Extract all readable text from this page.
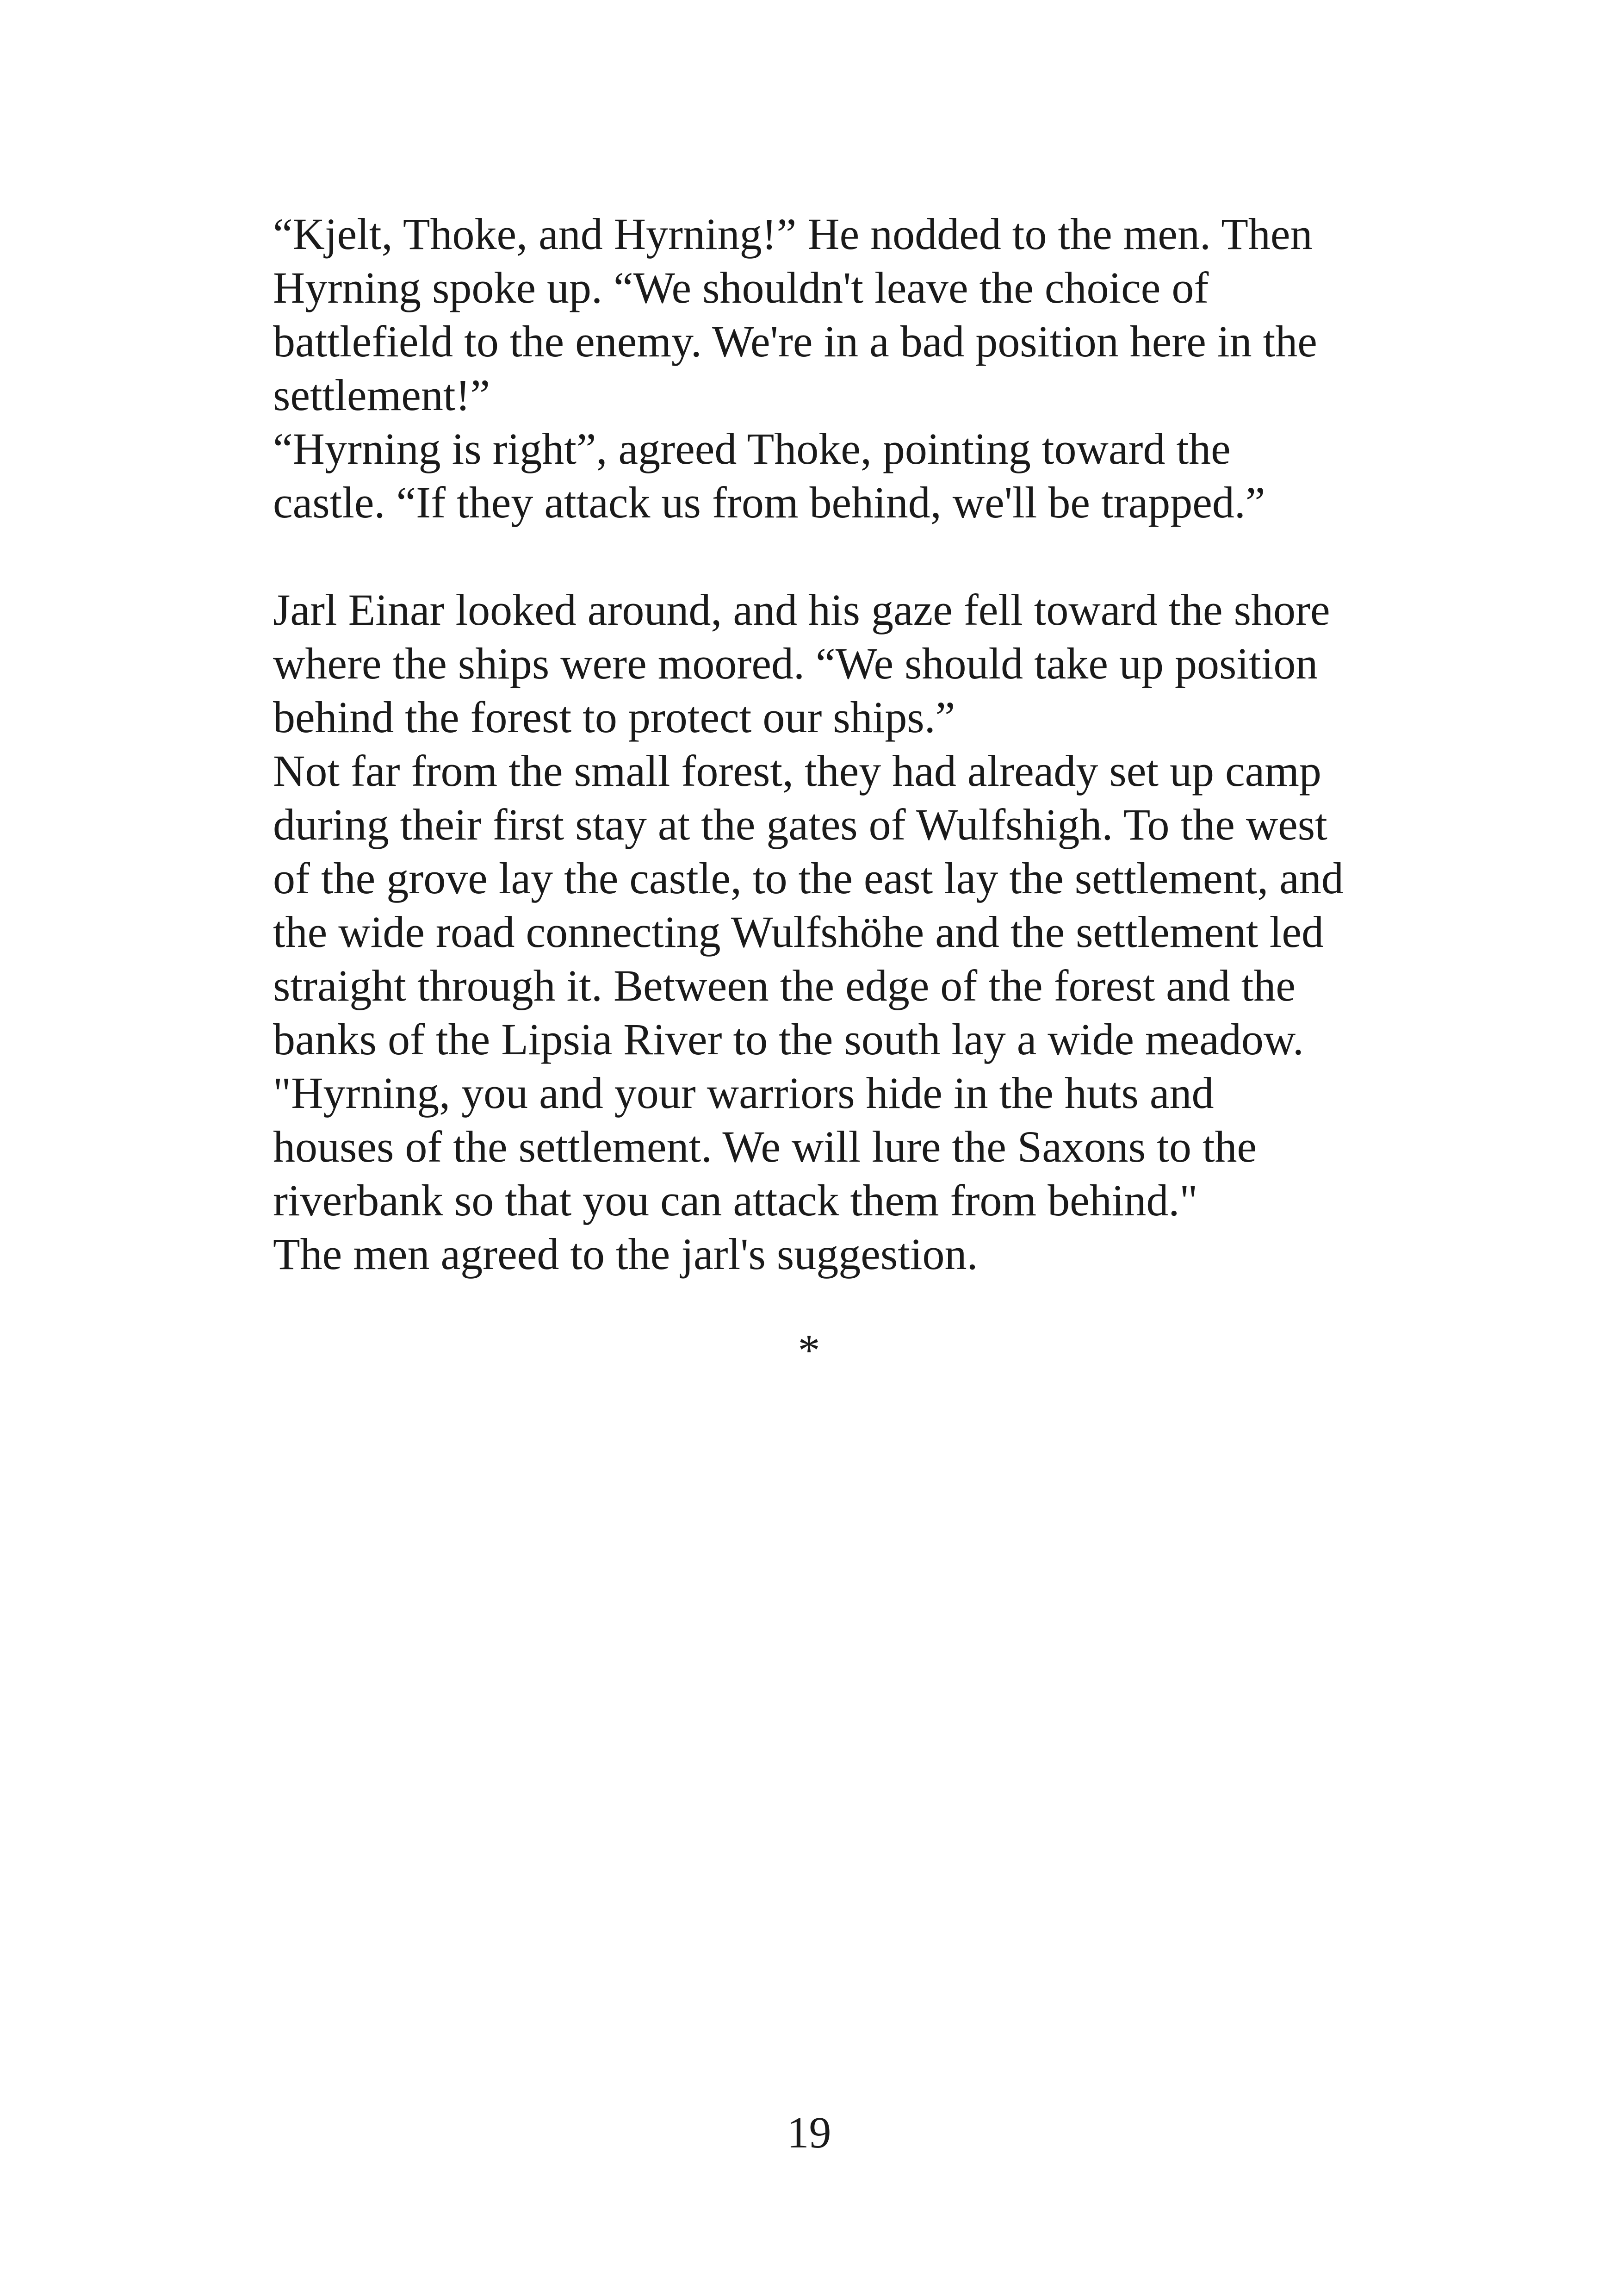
“Kjelt, Thoke, and Hyrning!” He nodded to the men. Then
Hyrning spoke up. “We shouldn't leave the choice of
battlefield to the enemy. We're in a bad position here in the
settlement!”
“Hyrning is right”, agreed Thoke, pointing toward the
castle. “If they attack us from behind, we'll be trapped.”
Jarl Einar looked around, and his gaze fell toward the shore
where the ships were moored. “We should take up position
behind the forest to protect our ships.”
Not far from the small forest, they had already set up camp
during their first stay at the gates of Wulfshigh. To the west
of the grove lay the castle, to the east lay the settlement, and
the wide road connecting Wulfshöhe and the settlement led
straight through it. Between the edge of the forest and the
banks of the Lipsia River to the south lay a wide meadow.
"Hyrning, you and your warriors hide in the huts and
houses of the settlement. We will lure the Saxons to the
riverbank so that you can attack them from behind."
The men agreed to the jarl's suggestion.
*
19
